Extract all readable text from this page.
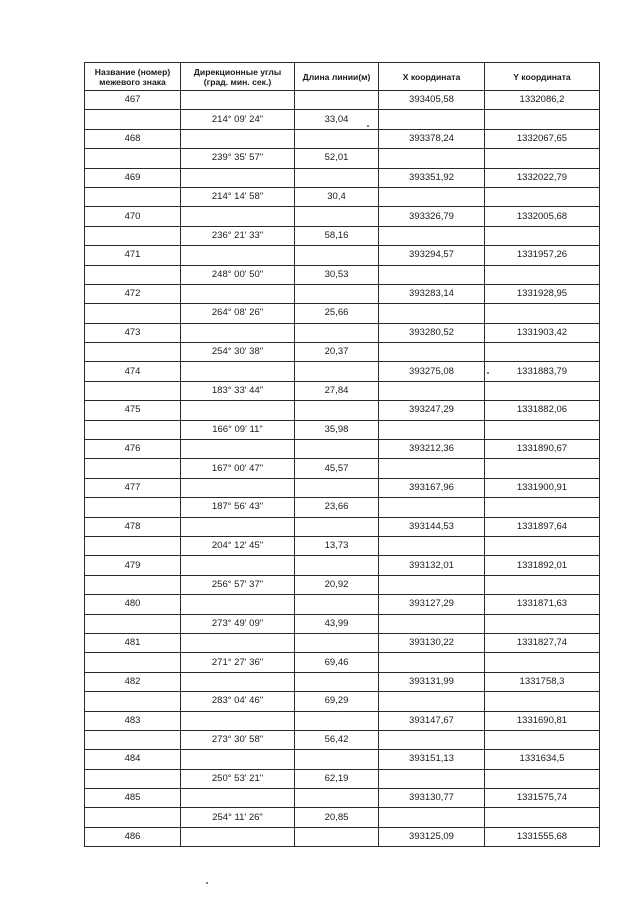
Название (номер) межевого знака	Дирекционные углы (град. мин. сек.)	Длина линии(м)	X координата	Y координата
467			393405,58	1332086,2
	214° 09' 24"	33,04		
468			393378,24	1332067,65
	239° 35' 57"	52,01		
469			393351,92	1332022,79
	214° 14' 58"	30,4		
470			393326,79	1332005,68
	236° 21' 33"	58,16		
471			393294,57	1331957,26
	248° 00' 50"	30,53		
472			393283,14	1331928,95
	264° 08' 26"	25,66		
473			393280,52	1331903,42
	254° 30' 38"	20,37		
474			393275,08	1331883,79
	183° 33' 44"	27,84		
475			393247,29	1331882,06
	166° 09' 11"	35,98		
476			393212,36	1331890,67
	167° 00' 47"	45,57		
477			393167,96	1331900,91
	187° 56' 43"	23,66		
478			393144,53	1331897,64
	204° 12' 45"	13,73		
479			393132,01	1331892,01
	256° 57' 37"	20,92		
480			393127,29	1331871,63
	273° 49' 09"	43,99		
481			393130,22	1331827,74
	271° 27' 36"	69,46		
482			393131,99	1331758,3
	283° 04' 46"	69,29		
483			393147,67	1331690,81
	273° 30' 58"	56,42		
484			393151,13	1331634,5
	250° 53' 21"	62,19		
485			393130,77	1331575,74
	254° 11' 26"	20,85		
486			393125,09	1331555,68
